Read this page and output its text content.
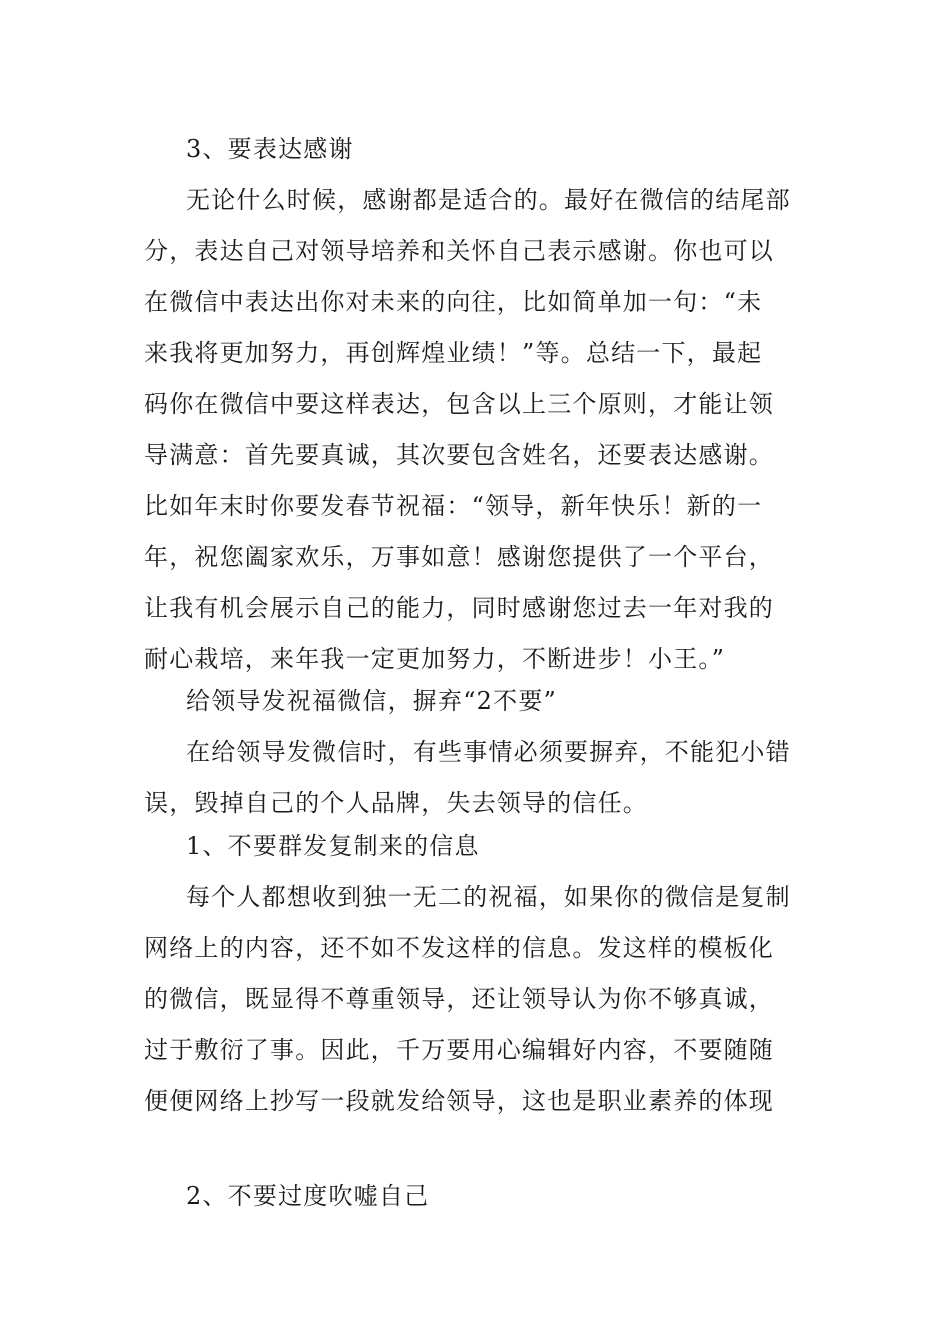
3、要表达感谢

无论什么时候，感谢都是适合的。最好在微信的结尾部

分，表达自己对领导培养和关怀自己表示感谢。你也可以

在微信中表达出你对未来的向往，比如简单加一句：“未

来我将更加努力，再创辉煌业绩！”等。总结一下，最起

码你在微信中要这样表达，包含以上三个原则，才能让领

导满意：首先要真诚，其次要包含姓名，还要表达感谢。

比如年末时你要发春节祝福：“领导，新年快乐！新的一

年，祝您阖家欢乐，万事如意！感谢您提供了一个平台，

让我有机会展示自己的能力，同时感谢您过去一年对我的

耐心栽培，来年我一定更加努力，不断进步！小王。”

给领导发祝福微信，摒弃“2不要”

在给领导发微信时，有些事情必须要摒弃，不能犯小错

误，毁掉自己的个人品牌，失去领导的信任。

1、不要群发复制来的信息

每个人都想收到独一无二的祝福，如果你的微信是复制

网络上的内容，还不如不发这样的信息。发这样的模板化

的微信，既显得不尊重领导，还让领导认为你不够真诚，

过于敷衍了事。因此，千万要用心编辑好内容，不要随随

便便网络上抄写一段就发给领导，这也是职业素养的体现

2、不要过度吹嘘自己
